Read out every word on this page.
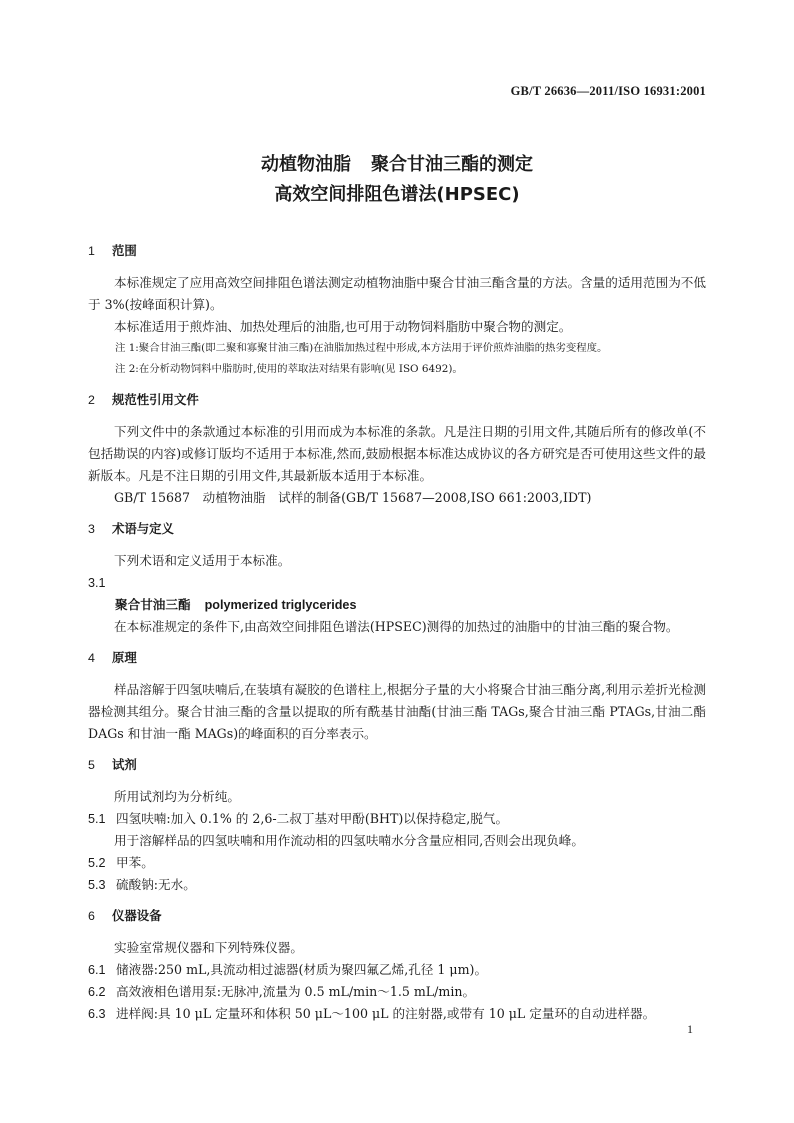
GB/T 26636—2011/ISO 16931:2001
动植物油脂 聚合甘油三酯的测定
高效空间排阻色谱法(HPSEC)

1 范围

本标准规定了应用高效空间排阻色谱法测定动植物油脂中聚合甘油三酯含量的方法。含量的适用范围为不低于 3%(按峰面积计算)。

本标准适用于煎炸油、加热处理后的油脂,也可用于动物饲料脂肪中聚合物的测定。

注 1:聚合甘油三酯(即二聚和寡聚甘油三酯)在油脂加热过程中形成,本方法用于评价煎炸油脂的热劣变程度。

注 2:在分析动物饲料中脂肪时,使用的萃取法对结果有影响(见 ISO 6492)。

2 规范性引用文件

下列文件中的条款通过本标准的引用而成为本标准的条款。凡是注日期的引用文件,其随后所有的修改单(不包括勘误的内容)或修订版均不适用于本标准,然而,鼓励根据本标准达成协议的各方研究是否可使用这些文件的最新版本。凡是不注日期的引用文件,其最新版本适用于本标准。

GB/T 15687　动植物油脂　试样的制备(GB/T 15687—2008,ISO 661:2003,IDT)

3 术语与定义

下列术语和定义适用于本标准。

3.1

聚合甘油三酯 polymerized triglycerides

在本标准规定的条件下,由高效空间排阻色谱法(HPSEC)测得的加热过的油脂中的甘油三酯的聚合物。

4 原理

样品溶解于四氢呋喃后,在装填有凝胶的色谱柱上,根据分子量的大小将聚合甘油三酯分离,利用示差折光检测器检测其组分。聚合甘油三酯的含量以提取的所有酰基甘油酯(甘油三酯 TAGs,聚合甘油三酯 PTAGs,甘油二酯 DAGs 和甘油一酯 MAGs)的峰面积的百分率表示。

5 试剂

所用试剂均为分析纯。

5.1 四氢呋喃:加入 0.1% 的 2,6-二叔丁基对甲酚(BHT)以保持稳定,脱气。

用于溶解样品的四氢呋喃和用作流动相的四氢呋喃水分含量应相同,否则会出现负峰。

5.2 甲苯。

5.3 硫酸钠:无水。

6 仪器设备

实验室常规仪器和下列特殊仪器。

6.1 储液器:250 mL,具流动相过滤器(材质为聚四氟乙烯,孔径 1 μm)。

6.2 高效液相色谱用泵:无脉冲,流量为 0.5 mL/min～1.5 mL/min。

6.3 进样阀:具 10 μL 定量环和体积 50 μL～100 μL 的注射器,或带有 10 μL 定量环的自动进样器。

1
